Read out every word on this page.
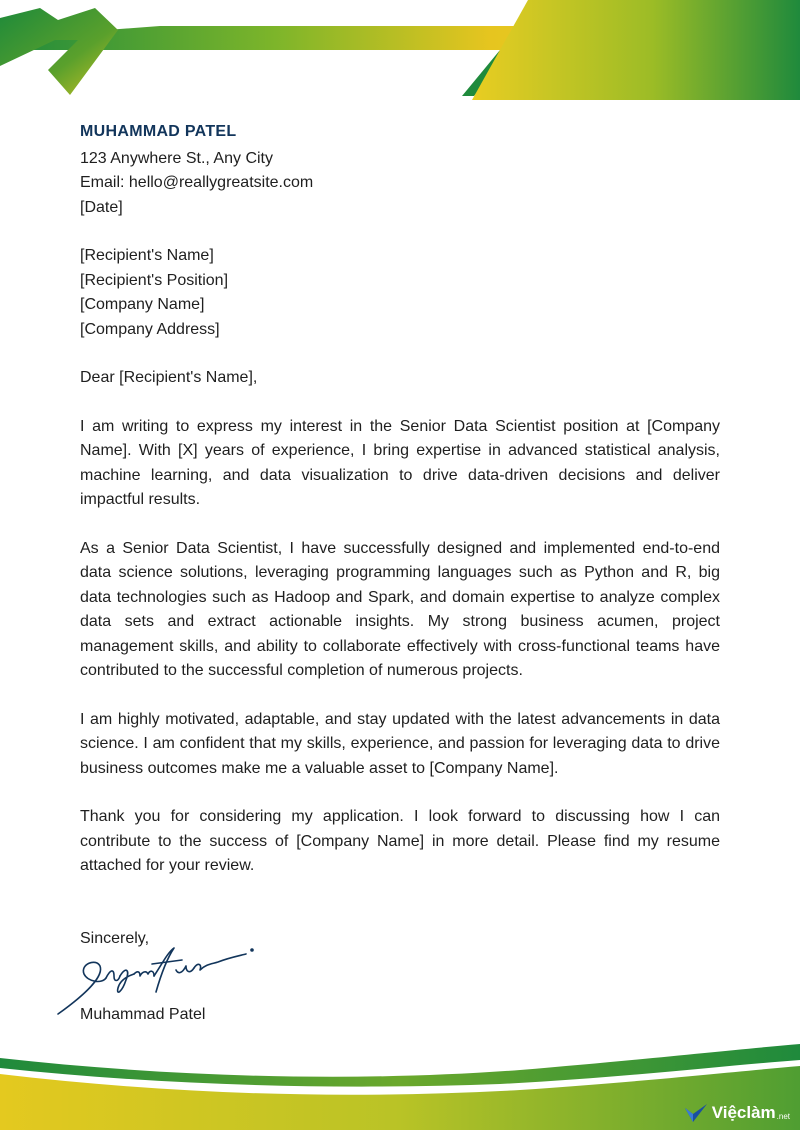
MUHAMMAD PATEL
123 Anywhere St., Any City
Email: hello@reallygreatsite.com
[Date]
[Recipient's Name]
[Recipient's Position]
[Company Name]
[Company Address]

Dear [Recipient's Name],

I am writing to express my interest in the Senior Data Scientist position at [Company Name]. With [X] years of experience, I bring expertise in advanced statistical analysis, machine learning, and data visualization to drive data-driven decisions and deliver impactful results.

As a Senior Data Scientist, I have successfully designed and implemented end-to-end data science solutions, leveraging programming languages such as Python and R, big data technologies such as Hadoop and Spark, and domain expertise to analyze complex data sets and extract actionable insights. My strong business acumen, project management skills, and ability to collaborate effectively with cross-functional teams have contributed to the successful completion of numerous projects.

I am highly motivated, adaptable, and stay updated with the latest advancements in data science. I am confident that my skills, experience, and passion for leveraging data to drive business outcomes make me a valuable asset to [Company Name].

Thank you for considering my application. I look forward to discussing how I can contribute to the success of [Company Name] in more detail. Please find my resume attached for your review.

Sincerely,

Muhammad Patel
Việclàm .net
